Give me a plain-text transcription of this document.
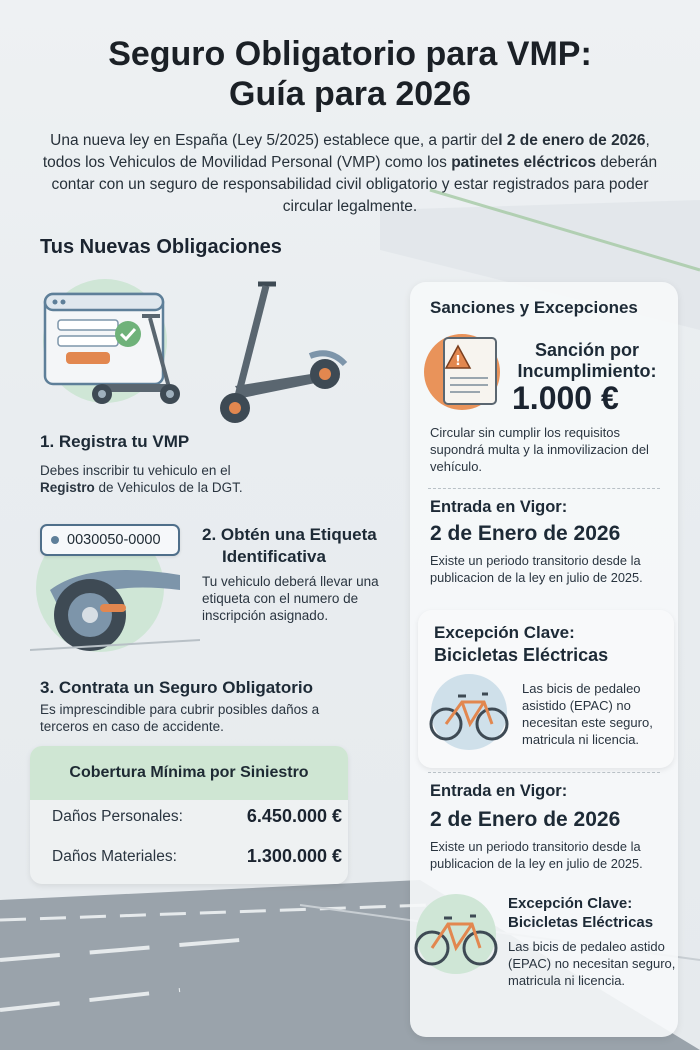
Seguro Obligatorio para VMP:
Guía para 2026
Una nueva ley en España (Ley 5/2025) establece que, a partir del 2 de enero de 2026, todos los Vehiculos de Movilidad Personal (VMP) como los patinetes eléctricos deberán contar con un seguro de responsabilidad civil obligatorio y estar registrados para poder circular legalmente.
Tus Nuevas Obligaciones
1. Registra tu VMP
Debes inscribir tu vehiculo en el Registro de Vehiculos de la DGT.
0030050-0000 2. Obtén una Etiqueta
Identificativa
Tu vehiculo deberá llevar una etiqueta con el numero de inscripción asignado.
3. Contrata un Seguro Obligatorio
Es imprescindible para cubrir posibles daños a terceros en caso de accidente.
Cobertura Mínima por Siniestro
Daños Personales:	6.450.000 €
Daños Materiales:	1.300.000 €
Sanciones y Excepciones
!
Sanción por
Incumplimiento:
1.000 €
Circular sin cumplir los requisitos supondrá multa y la inmovilizacion del vehículo.
Entrada en Vigor:
2 de Enero de 2026
Existe un periodo transitorio desde la publicacion de la ley en julio de 2025.
Excepción Clave:
Bicicletas Eléctricas
Las bicis de pedaleo asistido (EPAC) no necesitan este seguro, matricula ni licencia.
Entrada en Vigor:
2 de Enero de 2026
Existe un periodo transitorio desde la publicacion de la ley en julio de 2025.
Excepción Clave:
Bicicletas Eléctricas
Las bicis de pedaleo astido (EPAC) no necesitan seguro, matricula ni licencia.
